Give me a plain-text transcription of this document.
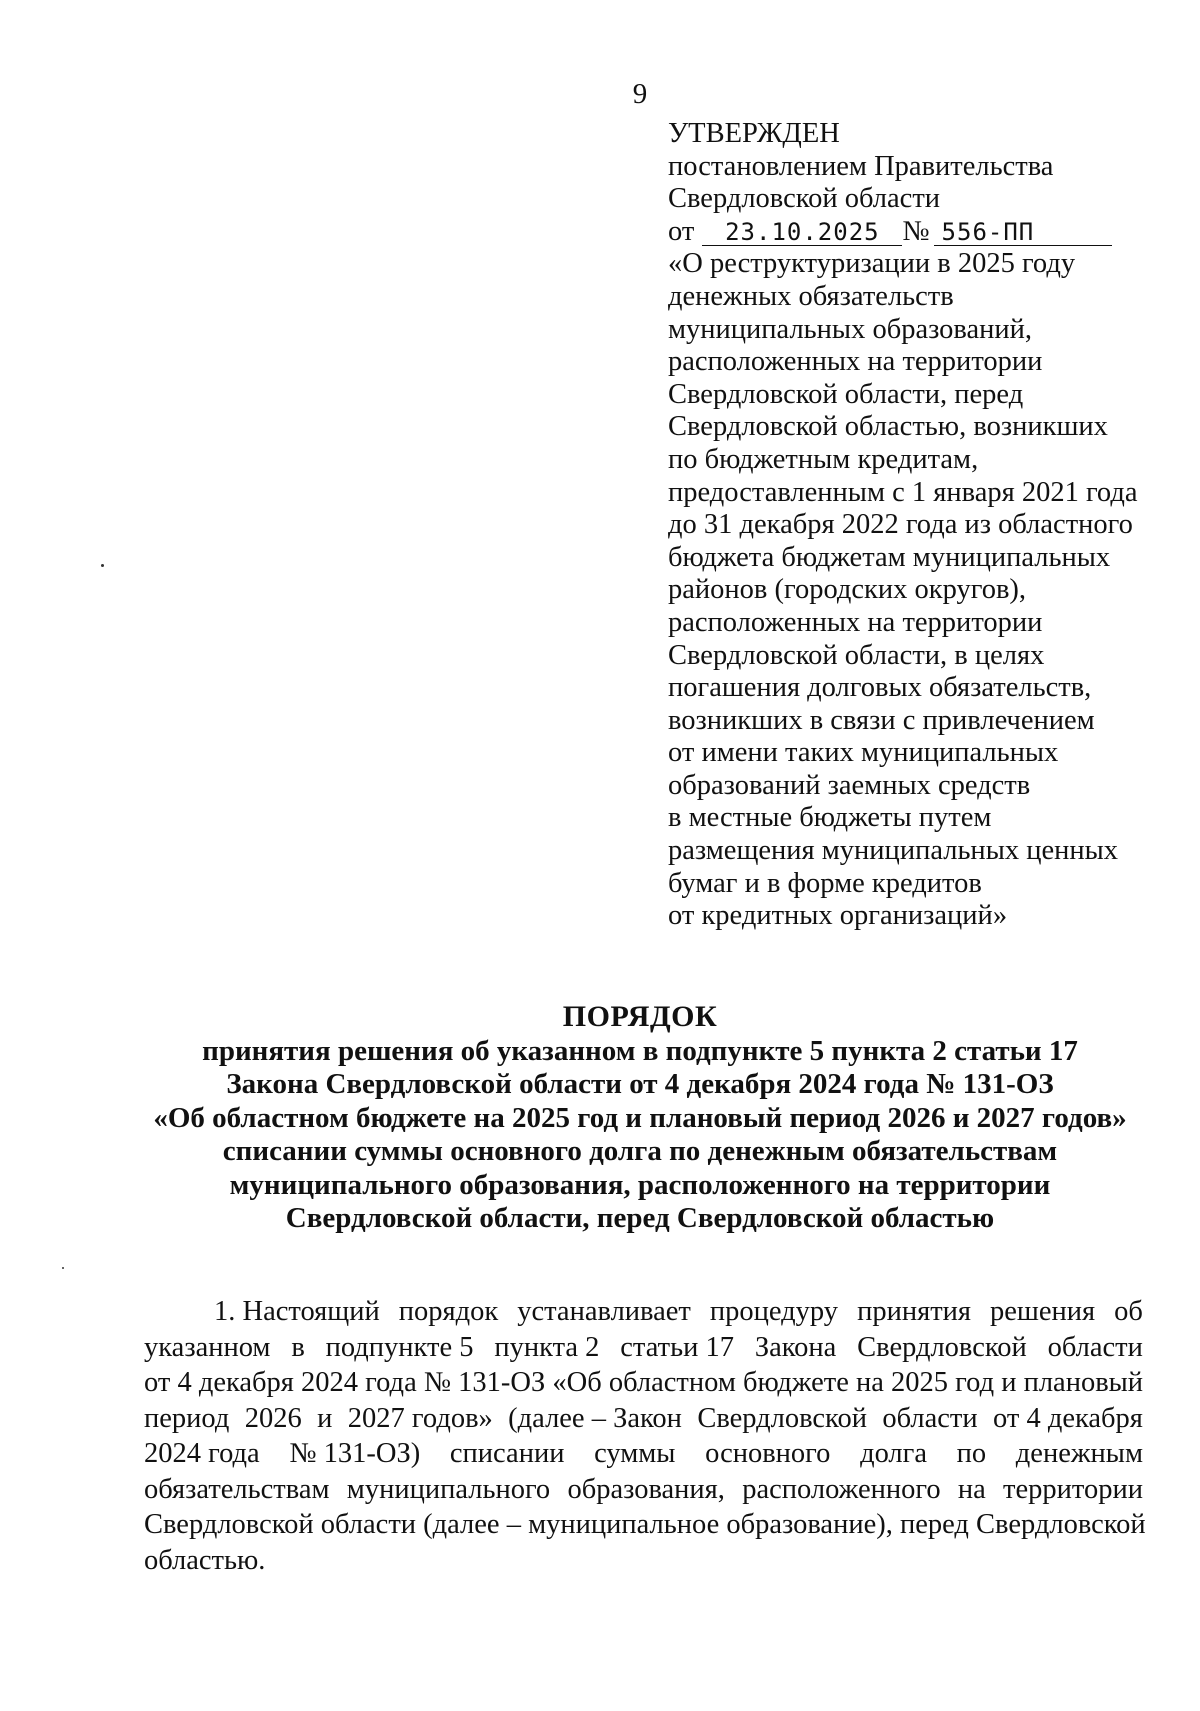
9
УТВЕРЖДЕН
постановлением Правительства
Свердловской области
от 23.10.2025 № 556-ПП
«О реструктуризации в 2025 году
денежных обязательств
муниципальных образований,
расположенных на территории
Свердловской области, перед
Свердловской областью, возникших
по бюджетным кредитам,
предоставленным с 1 января 2021 года
до 31 декабря 2022 года из областного
бюджета бюджетам муниципальных
районов (городских округов),
расположенных на территории
Свердловской области, в целях
погашения долговых обязательств,
возникших в связи с привлечением
от имени таких муниципальных
образований заемных средств
в местные бюджеты путем
размещения муниципальных ценных
бумаг и в форме кредитов
от кредитных организаций»
ПОРЯДОК
принятия решения об указанном в подпункте 5 пункта 2 статьи 17
Закона Свердловской области от 4 декабря 2024 года № 131-ОЗ
«Об областном бюджете на 2025 год и плановый период 2026 и 2027 годов»
списании суммы основного долга по денежным обязательствам
муниципального образования, расположенного на территории
Свердловской области, перед Свердловской областью
1. Настоящий порядок устанавливает процедуру принятия решения об
указанном в подпункте 5 пункта 2 статьи 17 Закона Свердловской области
от 4 декабря 2024 года № 131-ОЗ «Об областном бюджете на 2025 год и плановый
период 2026 и 2027 годов» (далее – Закон Свердловской области от 4 декабря
2024 года № 131-ОЗ) списании суммы основного долга по денежным
обязательствам муниципального образования, расположенного на территории
Свердловской области (далее – муниципальное образование), перед Свердловской
областью.
